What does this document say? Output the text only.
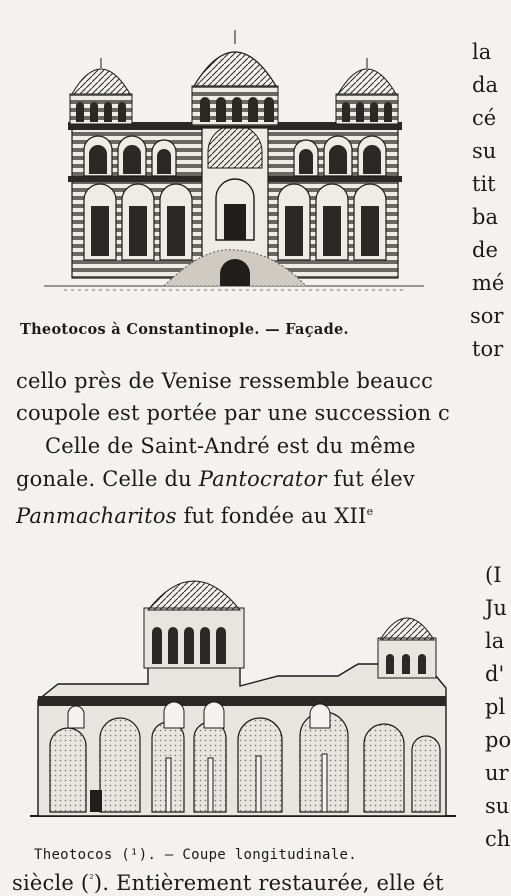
Theotocos à Constantinople. — Façade.
la
da
cé
su
tit
ba
de
mé
sor
tor
cello près de Venise ressemble beaucc
coupole est portée par une succession c
Celle de Saint-André est du même
gonale. Celle du Pantocrator fut élev
Panmacharitos fut fondée au XIIe
Theotocos (¹). — Coupe longitudinale.
(I
Ju
la
d'
pl
po
ur
su
ch
siècle ($^{^2}$). Entièrement restaurée, elle ét
